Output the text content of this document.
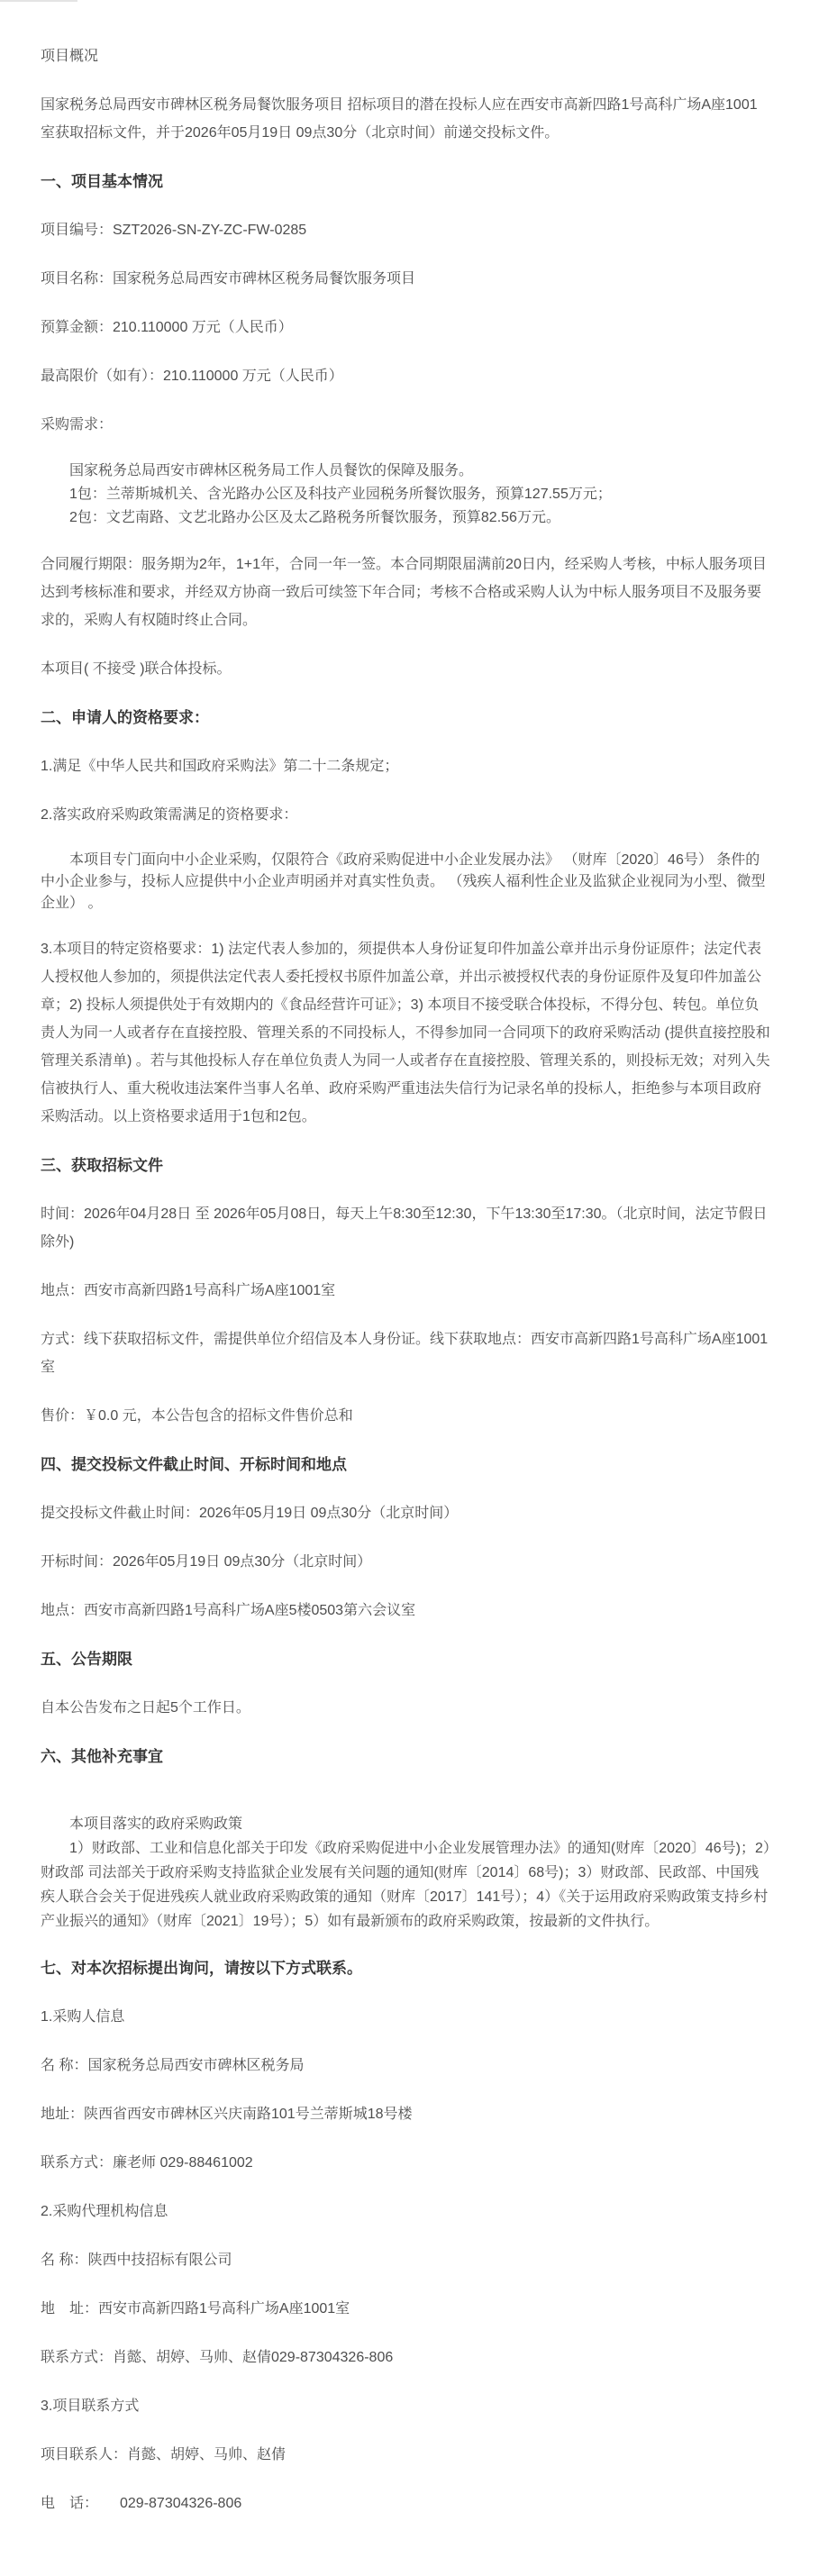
项目概况
国家税务总局西安市碑林区税务局餐饮服务项目 招标项目的潜在投标人应在西安市高新四路1号高科广场A座1001室获取招标文件，并于2026年05月19日 09点30分（北京时间）前递交投标文件。
一、项目基本情况
项目编号：SZT2026-SN-ZY-ZC-FW-0285
项目名称：国家税务总局西安市碑林区税务局餐饮服务项目
预算金额：210.110000 万元（人民币）
最高限价（如有）：210.110000 万元（人民币）
采购需求：
国家税务总局西安市碑林区税务局工作人员餐饮的保障及服务。
1包：兰蒂斯城机关、含光路办公区及科技产业园税务所餐饮服务，预算127.55万元；
2包：文艺南路、文艺北路办公区及太乙路税务所餐饮服务，预算82.56万元。
合同履行期限：服务期为2年，1+1年，合同一年一签。本合同期限届满前20日内，经采购人考核，中标人服务项目达到考核标准和要求，并经双方协商一致后可续签下年合同；考核不合格或采购人认为中标人服务项目不及服务要求的，采购人有权随时终止合同。
本项目( 不接受 )联合体投标。
二、申请人的资格要求：
1.满足《中华人民共和国政府采购法》第二十二条规定；
2.落实政府采购政策需满足的资格要求：
本项目专门面向中小企业采购，仅限符合《政府采购促进中小企业发展办法》 （财库〔2020〕46号） 条件的中小企业参与，投标人应提供中小企业声明函并对真实性负责。 （残疾人福利性企业及监狱企业视同为小型、微型企业） 。
3.本项目的特定资格要求：1) 法定代表人参加的，须提供本人身份证复印件加盖公章并出示身份证原件；法定代表人授权他人参加的，须提供法定代表人委托授权书原件加盖公章，并出示被授权代表的身份证原件及复印件加盖公章；2) 投标人须提供处于有效期内的《食品经营许可证》；3) 本项目不接受联合体投标，不得分包、转包。单位负责人为同一人或者存在直接控股、管理关系的不同投标人，不得参加同一合同项下的政府采购活动 (提供直接控股和管理关系清单) 。若与其他投标人存在单位负责人为同一人或者存在直接控股、管理关系的，则投标无效；对列入失信被执行人、重大税收违法案件当事人名单、政府采购严重违法失信行为记录名单的投标人，拒绝参与本项目政府采购活动。以上资格要求适用于1包和2包。
三、获取招标文件
时间：2026年04月28日 至 2026年05月08日，每天上午8:30至12:30，下午13:30至17:30。（北京时间，法定节假日除外)
地点：西安市高新四路1号高科广场A座1001室
方式：线下获取招标文件，需提供单位介绍信及本人身份证。线下获取地点：西安市高新四路1号高科广场A座1001室
售价：￥0.0 元，本公告包含的招标文件售价总和
四、提交投标文件截止时间、开标时间和地点
提交投标文件截止时间：2026年05月19日 09点30分（北京时间）
开标时间：2026年05月19日 09点30分（北京时间）
地点：西安市高新四路1号高科广场A座5楼0503第六会议室
五、公告期限
自本公告发布之日起5个工作日。
六、其他补充事宜
本项目落实的政府采购政策
1）财政部、工业和信息化部关于印发《政府采购促进中小企业发展管理办法》的通知(财库〔2020〕46号)；2）财政部 司法部关于政府采购支持监狱企业发展有关问题的通知(财库〔2014〕68号)；3）财政部、民政部、中国残疾人联合会关于促进残疾人就业政府采购政策的通知（财库〔2017〕141号）；4）《关于运用政府采购政策支持乡村产业振兴的通知》（财库〔2021〕19号）；5）如有最新颁布的政府采购政策，按最新的文件执行。
七、对本次招标提出询问，请按以下方式联系。
1.采购人信息
名 称：国家税务总局西安市碑林区税务局
地址：陕西省西安市碑林区兴庆南路101号兰蒂斯城18号楼
联系方式：廉老师 029-88461002
2.采购代理机构信息
名 称：陕西中技招标有限公司
地　址：西安市高新四路1号高科广场A座1001室
联系方式：肖懿、胡婷、马帅、赵倩029-87304326-806
3.项目联系方式
项目联系人：肖懿、胡婷、马帅、赵倩
电　话：　　029-87304326-806
